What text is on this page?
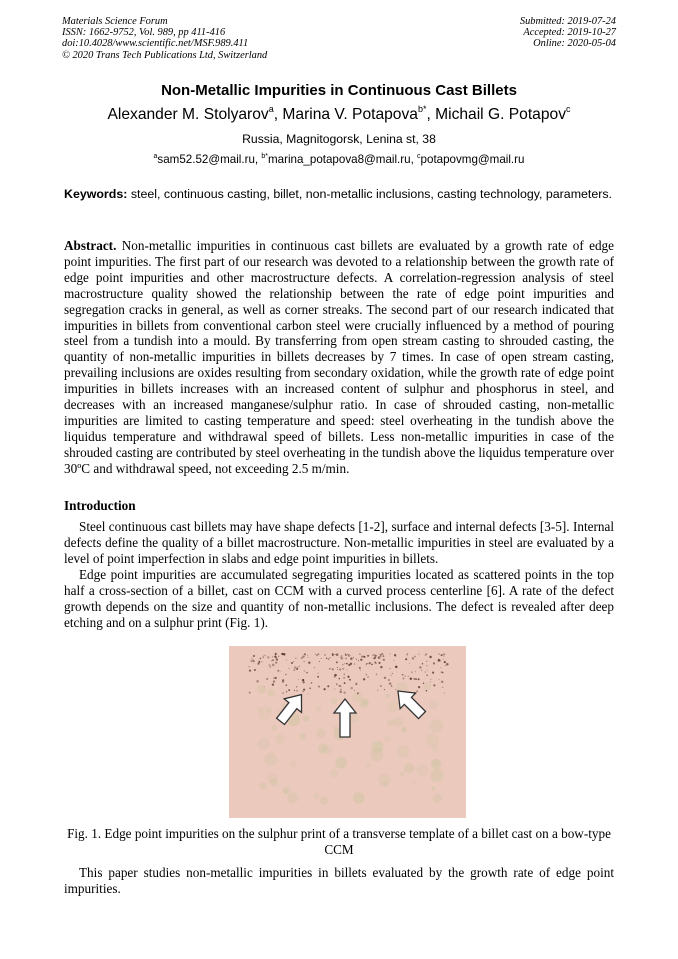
Materials Science Forum
ISSN: 1662-9752, Vol. 989, pp 411-416
doi:10.4028/www.scientific.net/MSF.989.411
© 2020 Trans Tech Publications Ltd, Switzerland
Submitted: 2019-07-24
Accepted: 2019-10-27
Online: 2020-05-04
Non-Metallic Impurities in Continuous Cast Billets
Alexander M. Stolyarov$^a$, Marina V. Potapova$^{b*}$, Michail G. Potapov$^c$
Russia, Magnitogorsk, Lenina st, 38
$^a$sam52.52@mail.ru, $^{b*}$marina_potapova8@mail.ru, $^c$potapovmg@mail.ru
Keywords: steel, continuous casting, billet, non-metallic inclusions, casting technology, parameters.
Abstract. Non-metallic impurities in continuous cast billets are evaluated by a growth rate of edge point impurities. The first part of our research was devoted to a relationship between the growth rate of edge point impurities and other macrostructure defects. A correlation-regression analysis of steel macrostructure quality showed the relationship between the rate of edge point impurities and segregation cracks in general, as well as corner streaks. The second part of our research indicated that impurities in billets from conventional carbon steel were crucially influenced by a method of pouring steel from a tundish into a mould. By transferring from open stream casting to shrouded casting, the quantity of non-metallic impurities in billets decreases by 7 times. In case of open stream casting, prevailing inclusions are oxides resulting from secondary oxidation, while the growth rate of edge point impurities in billets increases with an increased content of sulphur and phosphorus in steel, and decreases with an increased manganese/sulphur ratio. In case of shrouded casting, non-metallic impurities are limited to casting temperature and speed: steel overheating in the tundish above the liquidus temperature and withdrawal speed of billets. Less non-metallic impurities in case of the shrouded casting are contributed by steel overheating in the tundish above the liquidus temperature over 30ºC and withdrawal speed, not exceeding 2.5 m/min.
Introduction

Steel continuous cast billets may have shape defects [1-2], surface and internal defects [3-5]. Internal defects define the quality of a billet macrostructure. Non-metallic impurities in steel are evaluated by a level of point imperfection in slabs and edge point impurities in billets.

Edge point impurities are accumulated segregating impurities located as scattered points in the top half a cross-section of a billet, cast on CCM with a curved process centerline [6]. A rate of the defect growth depends on the size and quantity of non-metallic inclusions. The defect is revealed after deep etching and on a sulphur print (Fig. 1).

Fig. 1. Edge point impurities on the sulphur print of a transverse template of a billet cast on a bow-type CCM

This paper studies non-metallic impurities in billets evaluated by the growth rate of edge point impurities.
